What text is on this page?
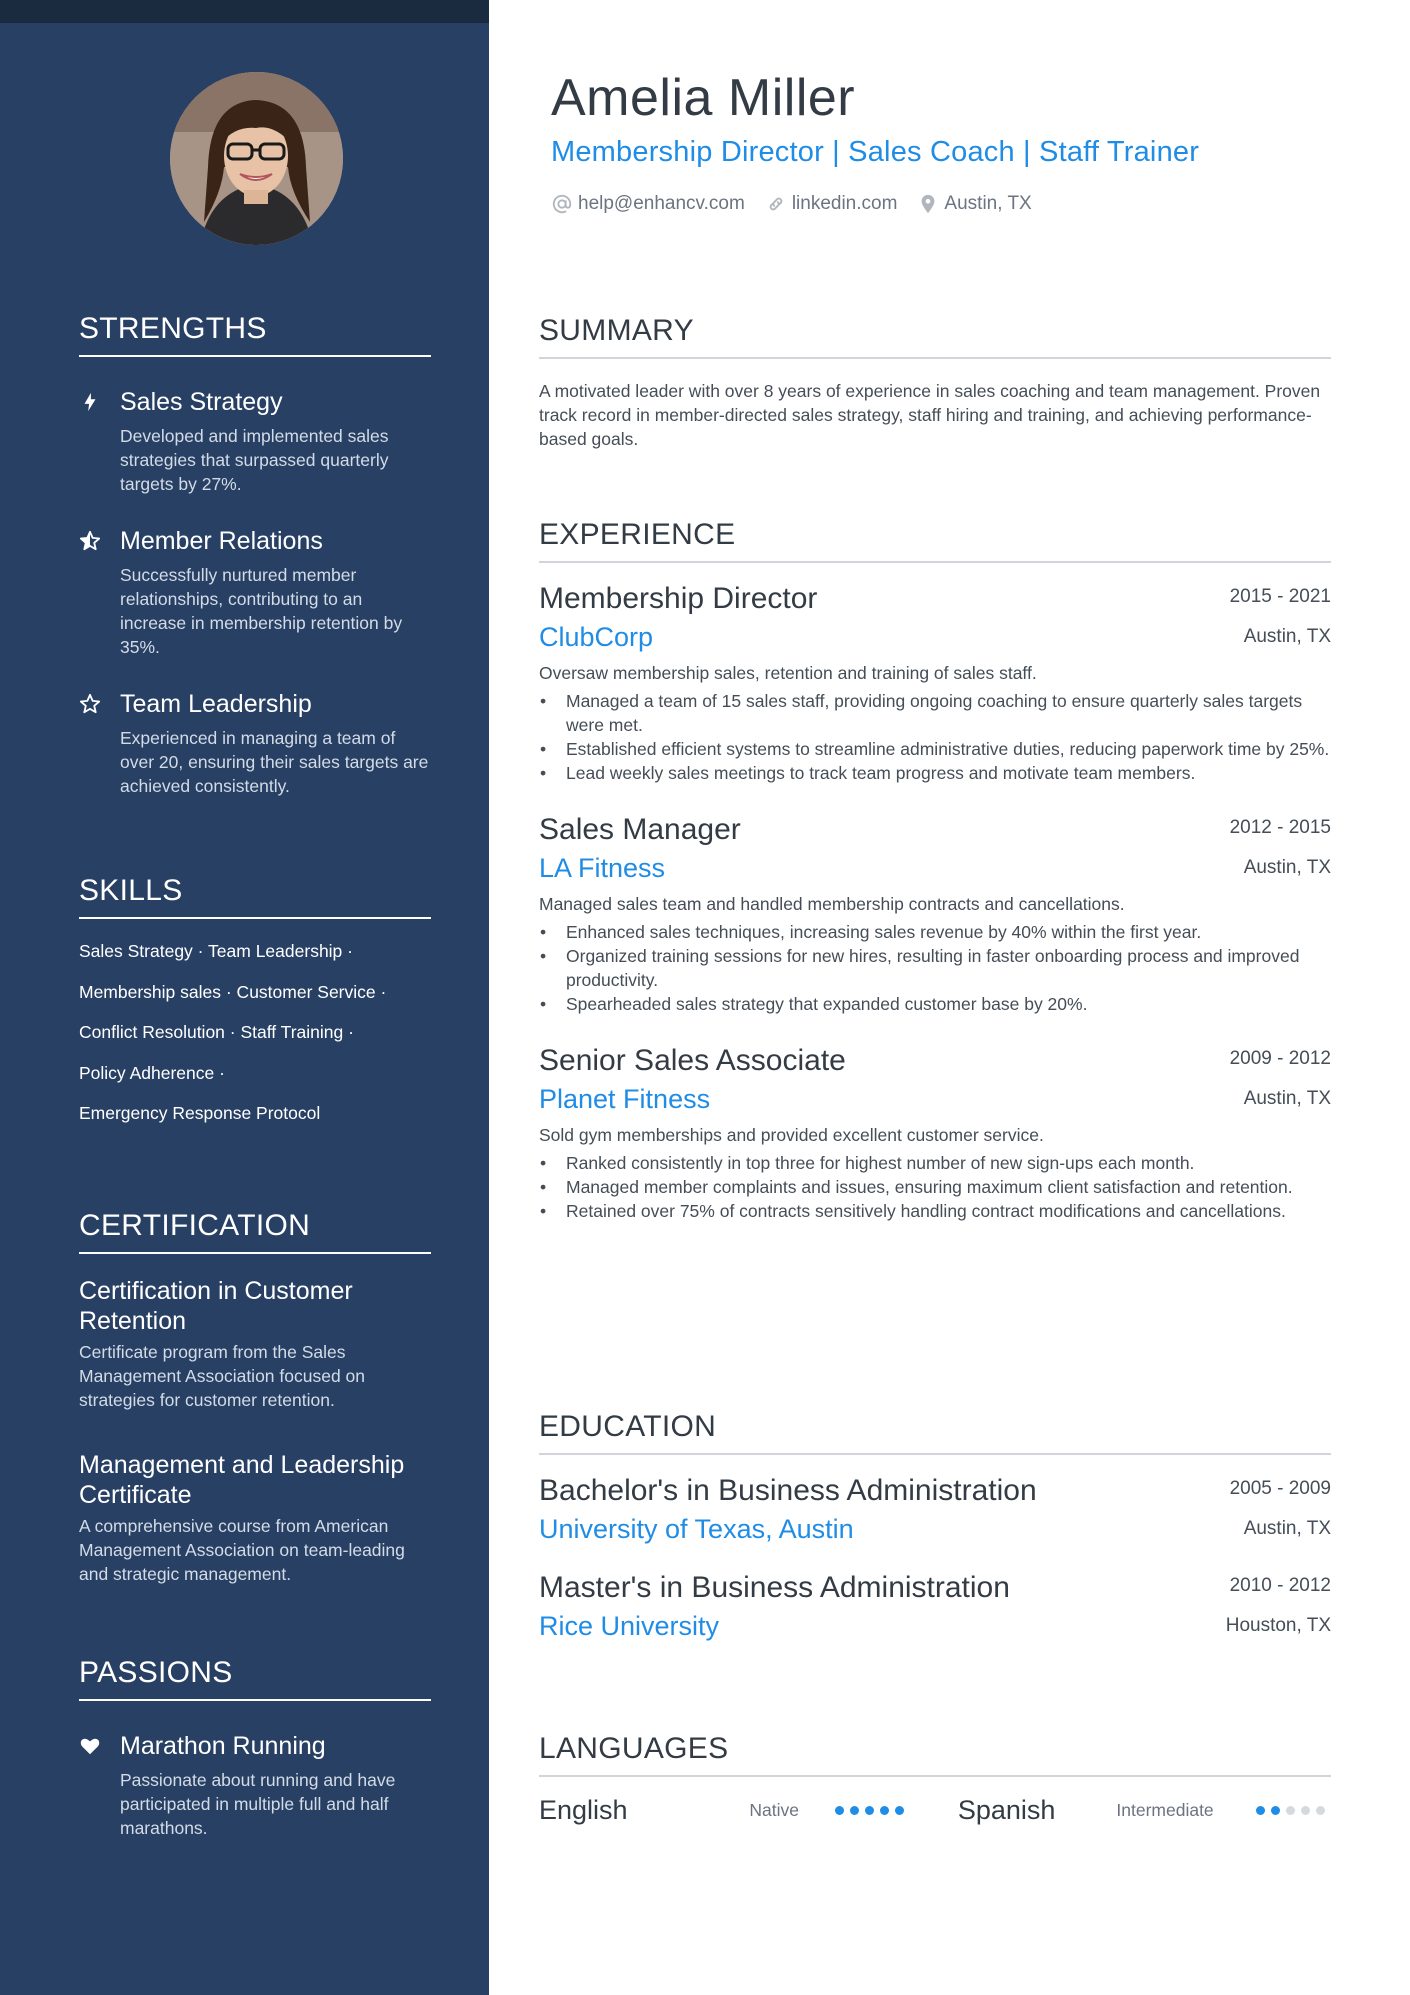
STRENGTHS
Sales Strategy
Developed and implemented sales strategies that surpassed quarterly targets by 27%.
Member Relations
Successfully nurtured member relationships, contributing to an increase in membership retention by 35%.
Team Leadership
Experienced in managing a team of over 20, ensuring their sales targets are achieved consistently.
SKILLS
Sales Strategy · Team Leadership ·
Membership sales · Customer Service ·
Conflict Resolution · Staff Training ·
Policy Adherence ·
Emergency Response Protocol
CERTIFICATION
Certification in Customer Retention
Certificate program from the Sales Management Association focused on strategies for customer retention.
Management and Leadership Certificate
A comprehensive course from American Management Association on team-leading and strategic management.
PASSIONS
Marathon Running
Passionate about running and have participated in multiple full and half marathons.
Amelia Miller
Membership Director | Sales Coach | Staff Trainer
help@enhancv.com linkedin.com Austin, TX
SUMMARY
A motivated leader with over 8 years of experience in sales coaching and team management. Proven track record in member-directed sales strategy, staff hiring and training, and achieving performance-based goals.
EXPERIENCE
Membership Director	2015 - 2021
ClubCorp	Austin, TX
Oversaw membership sales, retention and training of sales staff.
• Managed a team of 15 sales staff, providing ongoing coaching to ensure quarterly sales targets were met.
• Established efficient systems to streamline administrative duties, reducing paperwork time by 25%.
• Lead weekly sales meetings to track team progress and motivate team members.
Sales Manager	2012 - 2015
LA Fitness	Austin, TX
Managed sales team and handled membership contracts and cancellations.
• Enhanced sales techniques, increasing sales revenue by 40% within the first year.
• Organized training sessions for new hires, resulting in faster onboarding process and improved productivity.
• Spearheaded sales strategy that expanded customer base by 20%.
Senior Sales Associate	2009 - 2012
Planet Fitness	Austin, TX
Sold gym memberships and provided excellent customer service.
• Ranked consistently in top three for highest number of new sign-ups each month.
• Managed member complaints and issues, ensuring maximum client satisfaction and retention.
• Retained over 75% of contracts sensitively handling contract modifications and cancellations.
EDUCATION
Bachelor's in Business Administration	2005 - 2009
University of Texas, Austin	Austin, TX
Master's in Business Administration	2010 - 2012
Rice University	Houston, TX
LANGUAGES
English	Native	Spanish	Intermediate
